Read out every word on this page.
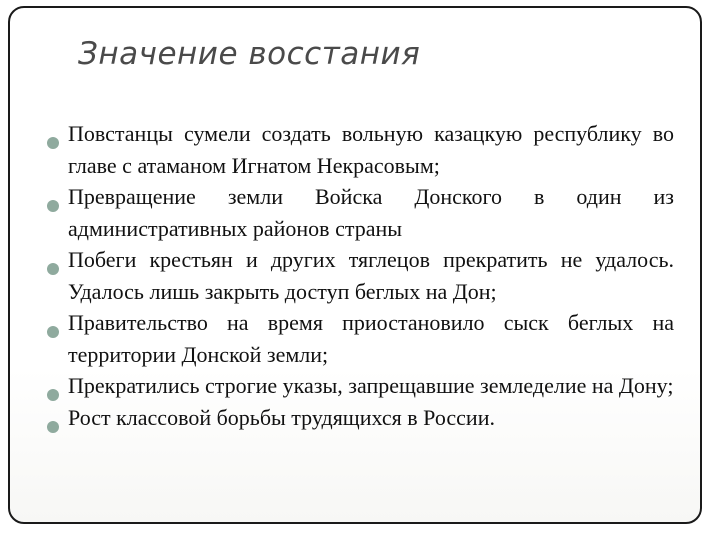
Значение восстания
Повстанцы сумели создать вольную казацкую республику во главе с атаманом Игнатом Некрасовым;
Превращение земли Войска Донского в один из административных районов страны
Побеги крестьян и других тяглецов прекратить не удалось. Удалось лишь закрыть доступ беглых на Дон;
Правительство на время приостановило сыск беглых на территории Донской земли;
Прекратились строгие указы, запрещавшие земледелие на Дону;
Рост классовой борьбы трудящихся в России.
